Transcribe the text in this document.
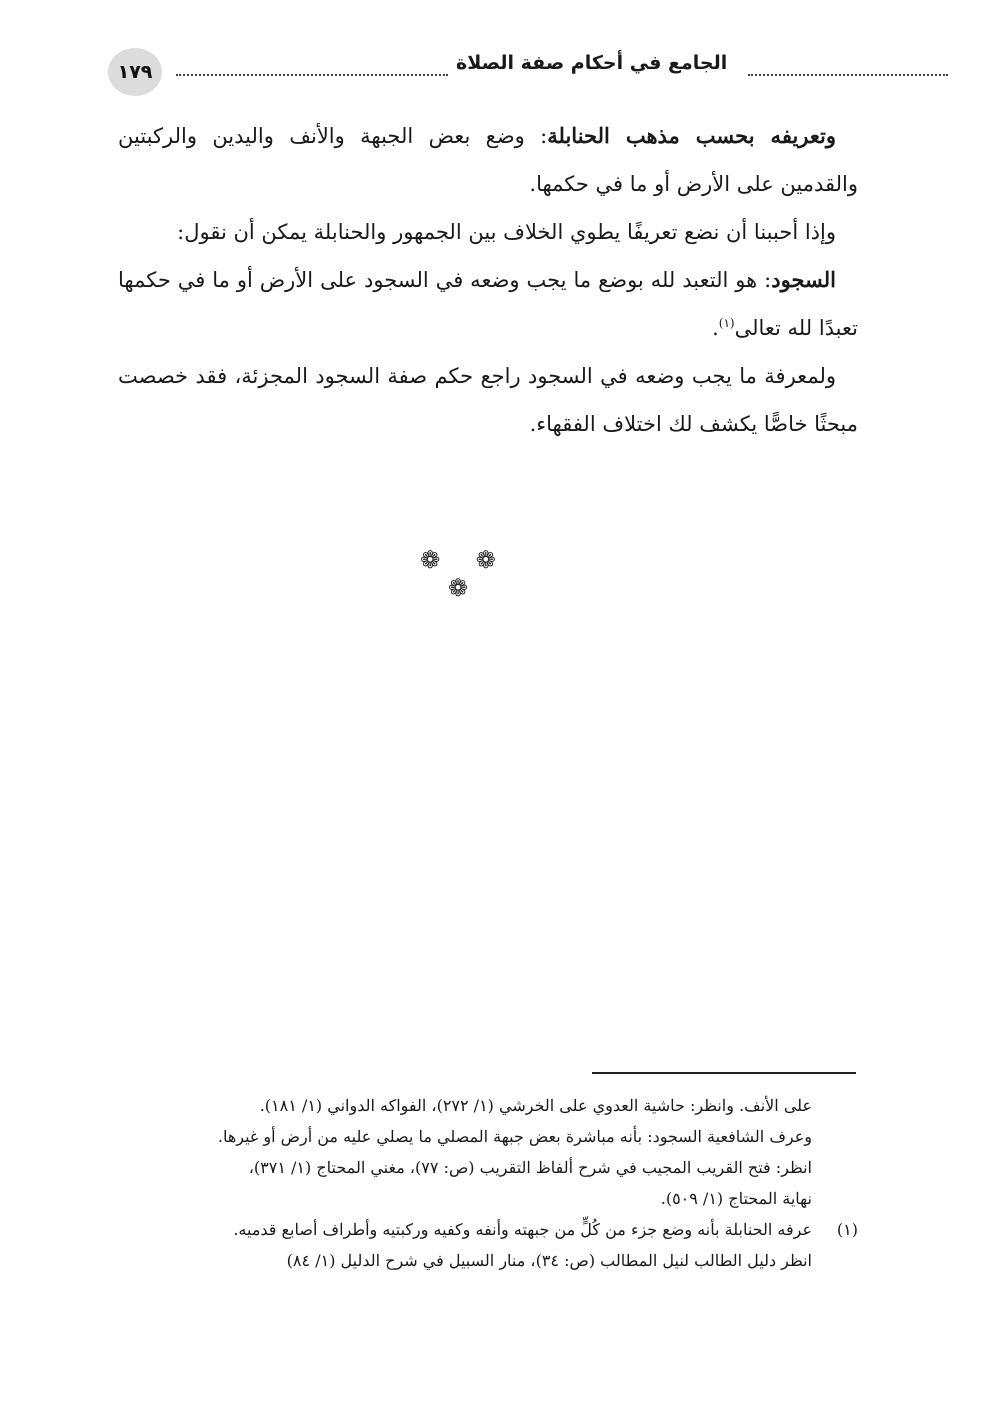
١٧٩	الجامع في أحكام صفة الصلاة

وتعريفه بحسب مذهب الحنابلة: وضع بعض الجبهة والأنف واليدين والركبتين والقدمين على الأرض أو ما في حكمها.

وإذا أحببنا أن نضع تعريفًا يطوي الخلاف بين الجمهور والحنابلة يمكن أن نقول:

السجود: هو التعبد لله بوضع ما يجب وضعه في السجود على الأرض أو ما في حكمها تعبدًا لله تعالى$^{(١)}$.

ولمعرفة ما يجب وضعه في السجود راجع حكم صفة السجود المجزئة، فقد خصصت مبحثًا خاصًّا يكشف لك اختلاف الفقهاء.

❁ ❁ ❁
على الأنف. وانظر: حاشية العدوي على الخرشي (١/ ٢٧٢)، الفواكه الدواني (١/ ١٨١).
وعرف الشافعية السجود: بأنه مباشرة بعض جبهة المصلي ما يصلي عليه من أرض أو غيرها.
انظر: فتح القريب المجيب في شرح ألفاظ التقريب (ص: ٧٧)، مغني المحتاج (١/ ٣٧١)،
نهاية المحتاج (١/ ٥٠٩).
(١)
عرفه الحنابلة بأنه وضع جزء من كُلٍّ من جبهته وأنفه وكفيه وركبتيه وأطراف أصابع قدميه.
انظر دليل الطالب لنيل المطالب (ص: ٣٤)، منار السبيل في شرح الدليل (١/ ٨٤)
